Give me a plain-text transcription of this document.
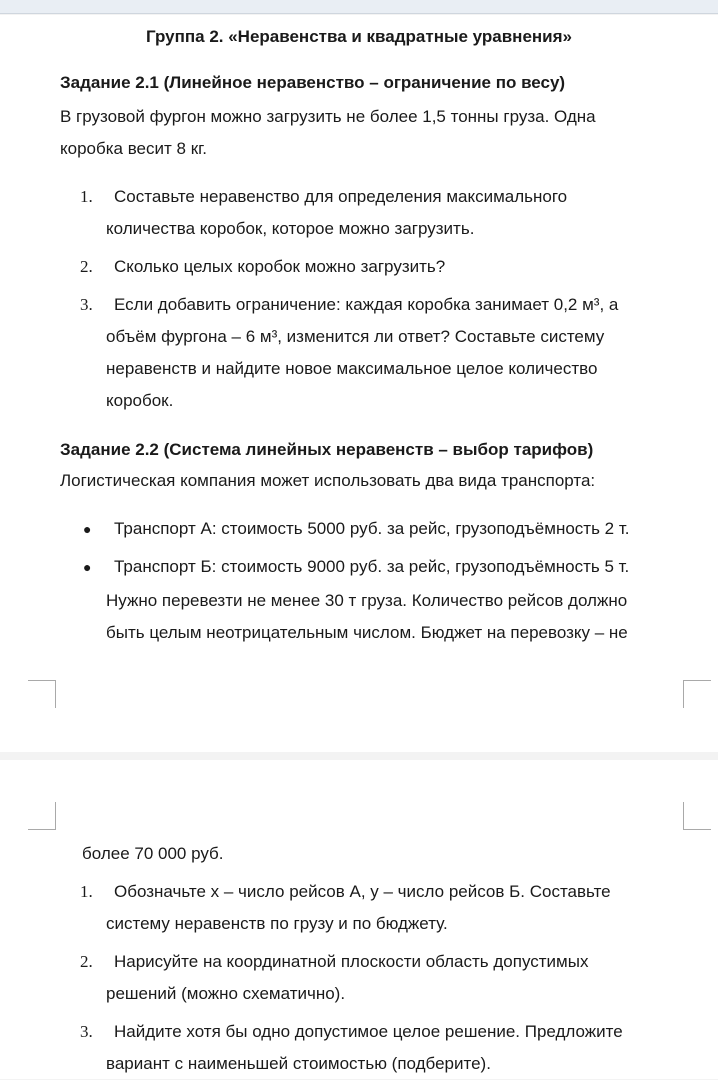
Группа 2. «Неравенства и квадратные уравнения»
Задание 2.1 (Линейное неравенство – ограничение по весу)
В грузовой фургон можно загрузить не более 1,5 тонны груза. Одна
коробка весит 8 кг.
1. Составьте неравенство для определения максимального
количества коробок, которое можно загрузить.
2. Сколько целых коробок можно загрузить?
3. Если добавить ограничение: каждая коробка занимает 0,2 м³, а
объём фургона – 6 м³, изменится ли ответ? Составьте систему
неравенств и найдите новое максимальное целое количество
коробок.
Задание 2.2 (Система линейных неравенств – выбор тарифов)
Логистическая компания может использовать два вида транспорта:
● Транспорт А: стоимость 5000 руб. за рейс, грузоподъёмность 2 т.
● Транспорт Б: стоимость 9000 руб. за рейс, грузоподъёмность 5 т.
Нужно перевезти не менее 30 т груза. Количество рейсов должно
быть целым неотрицательным числом. Бюджет на перевозку – не
более 70 000 руб.
1. Обозначьте x – число рейсов А, y – число рейсов Б. Составьте
систему неравенств по грузу и по бюджету.
2. Нарисуйте на координатной плоскости область допустимых
решений (можно схематично).
3. Найдите хотя бы одно допустимое целое решение. Предложите
вариант с наименьшей стоимостью (подберите).
